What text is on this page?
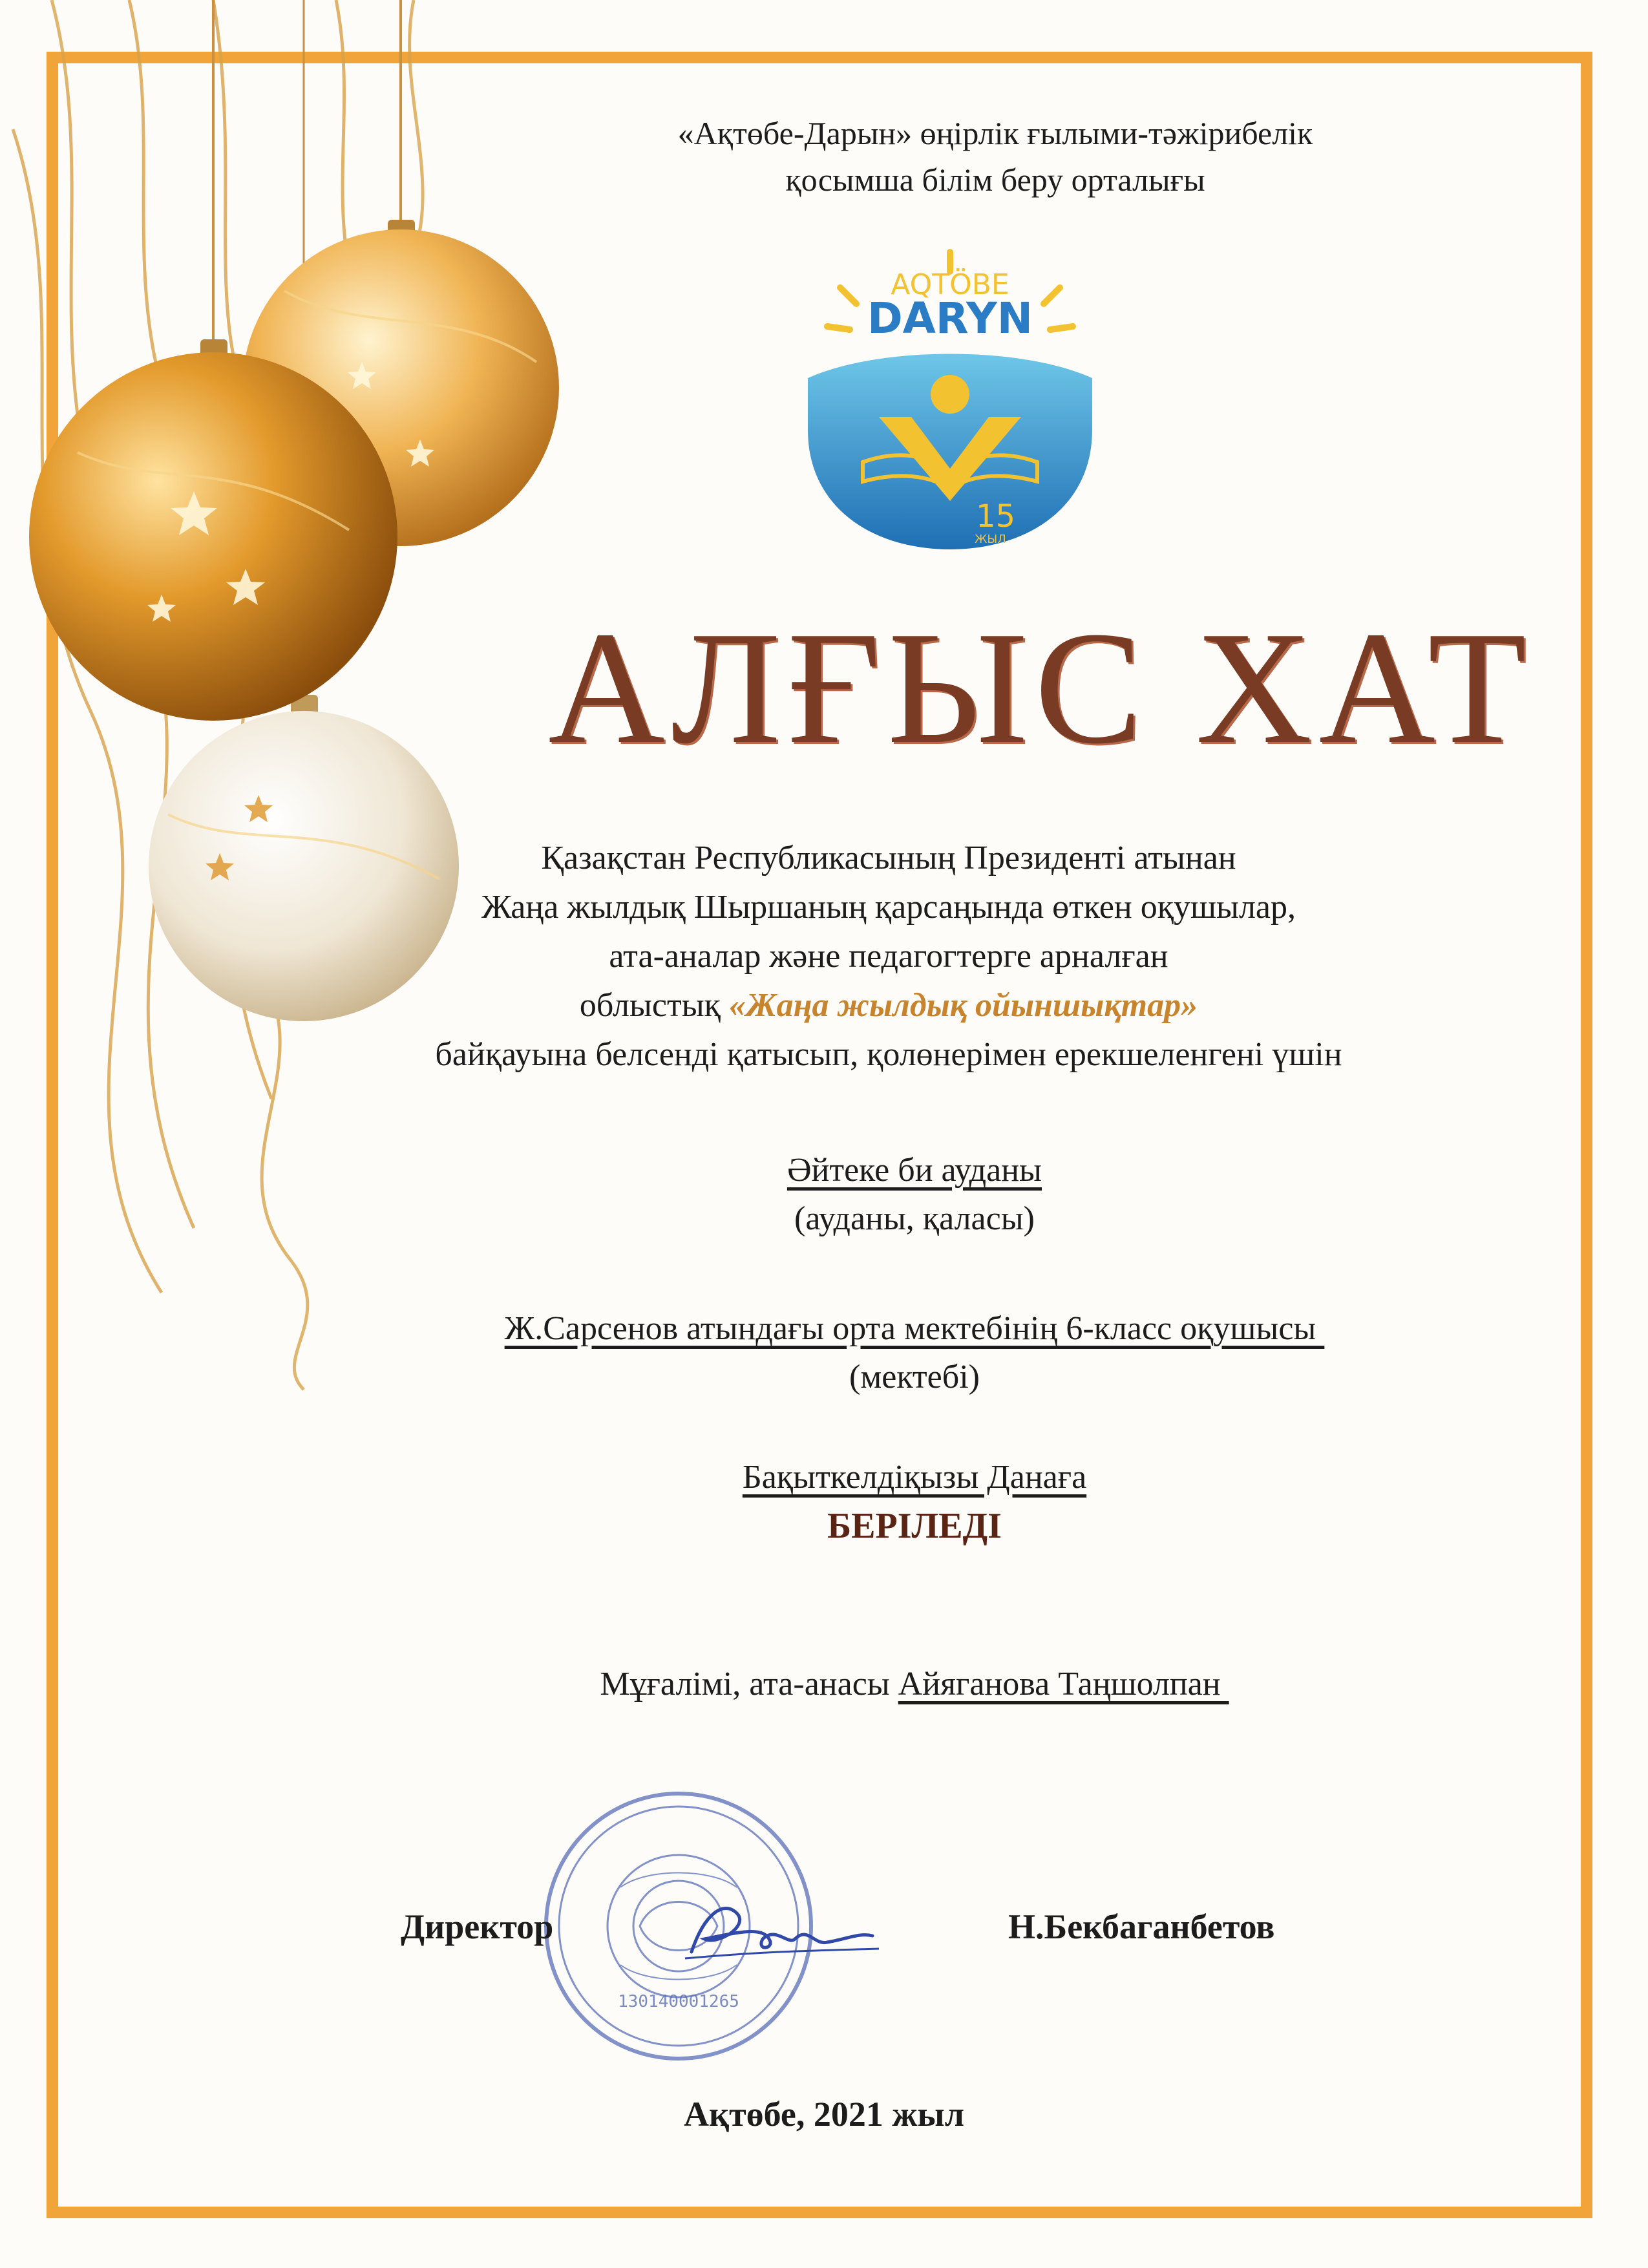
«Ақтөбе-Дарын» өңірлік ғылыми-тәжірибелік
қосымша білім беру орталығы
AQTÖBE
DARYN
15
ЖЫЛ
АЛҒЫС ХАТ
Қазақстан Республикасының Президенті атынан
Жаңа жылдық Шыршаның қарсаңында өткен оқушылар,
ата-аналар және педагогтерге арналған
облыстық «Жаңа жылдық ойыншықтар»
байқауына белсенді қатысып, қолөнерімен ерекшеленгені үшін
Әйтеке би ауданы
(ауданы, қаласы)
Ж.Сарсенов атындағы орта мектебінің 6-класс оқушысы
(мектебі)
Бақыткелдіқызы Данаға
БЕРІЛЕДІ
Мұғалімі, ата-анасы Айяганова Таңшолпан
130140001265
Директор	Н.Бекбаганбетов
Ақтөбе, 2021 жыл
